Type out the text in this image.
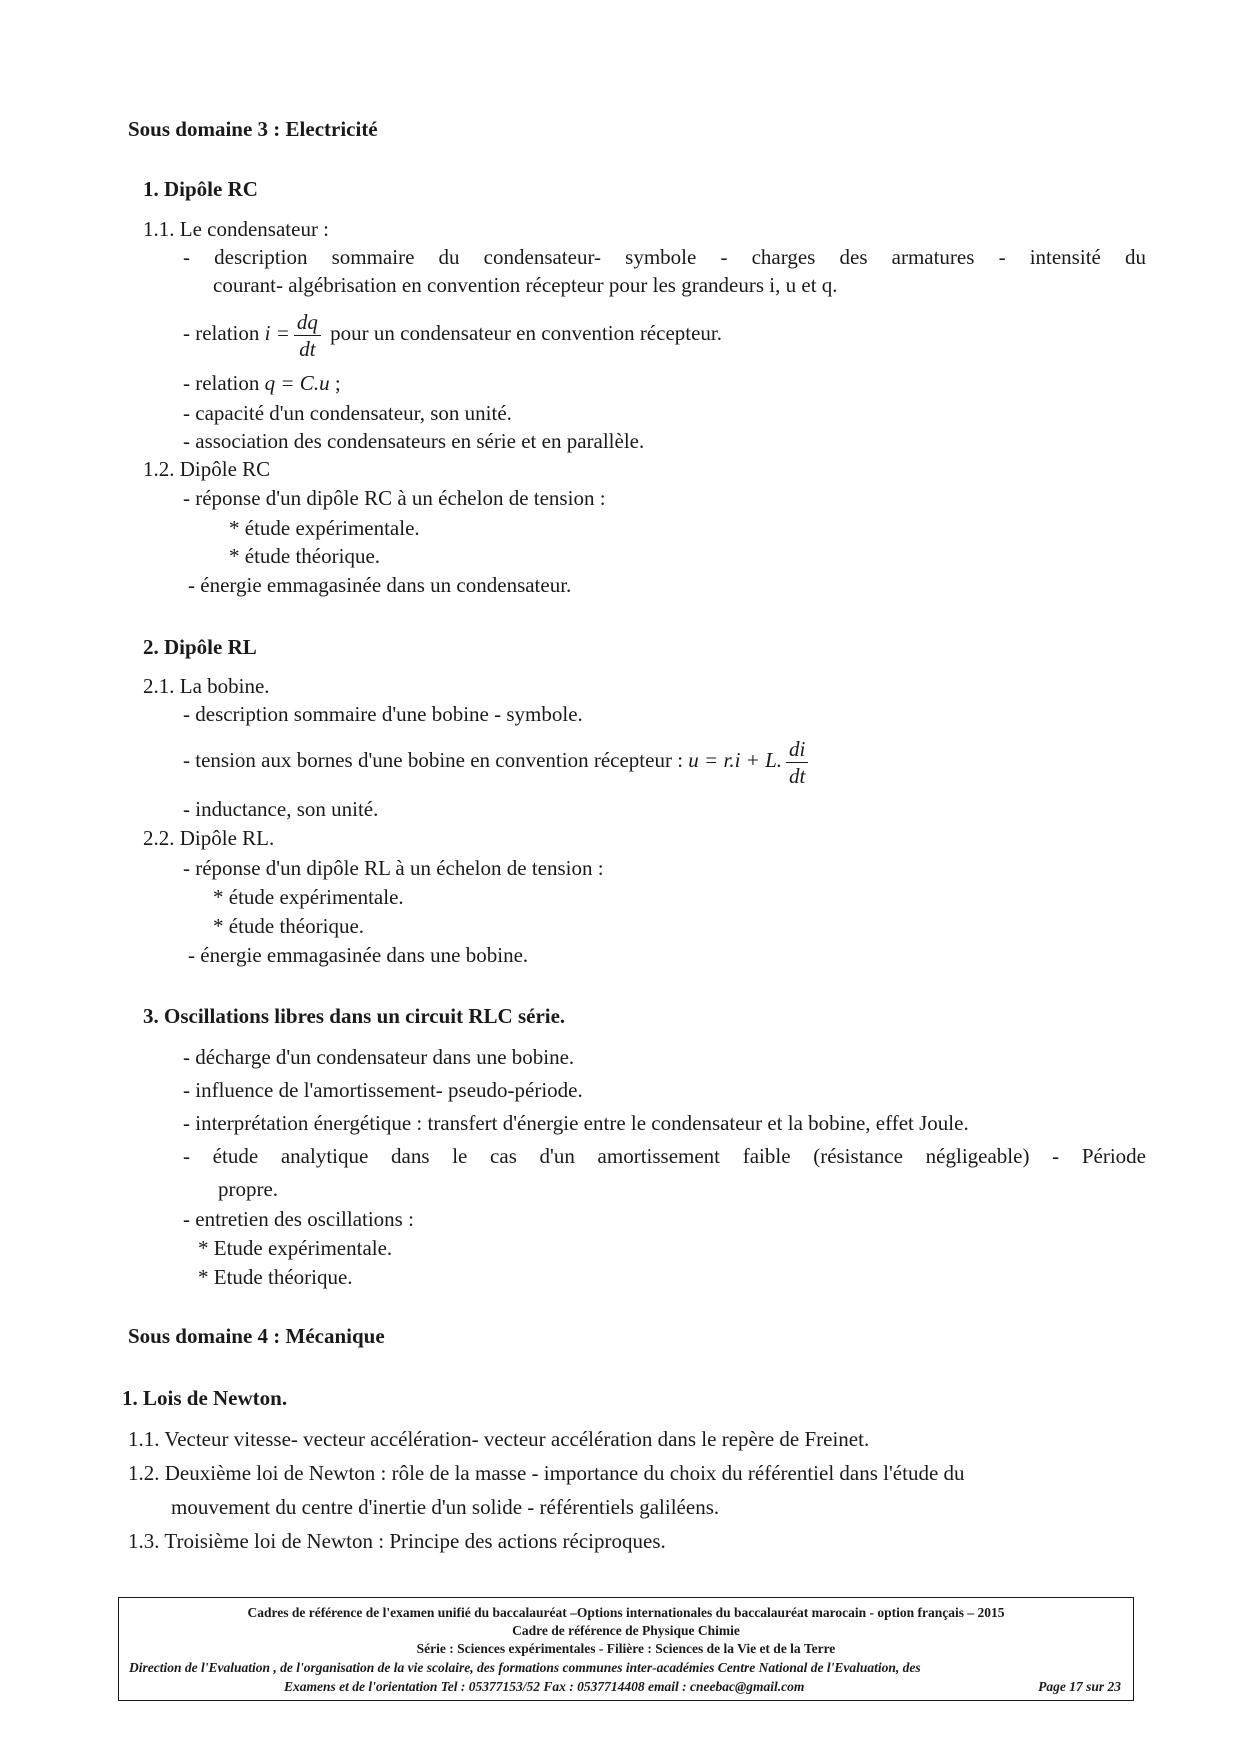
Sous domaine 3 : Electricité
1. Dipôle RC
1.1. Le condensateur :
- description sommaire du condensateur- symbole - charges des armatures - intensité du
courant- algébrisation en convention récepteur pour les grandeurs i, u et q.
- relation $i = \frac{dq}{dt}$ pour un condensateur en convention récepteur.
- relation q = C.u ;
- capacité d'un condensateur, son unité.
- association des condensateurs en série et en parallèle.
1.2. Dipôle RC
- réponse d'un dipôle RC à un échelon de tension :
* étude expérimentale.
* étude théorique.
- énergie emmagasinée dans un condensateur.
2. Dipôle RL
2.1. La bobine.
- description sommaire d'une bobine - symbole.
- tension aux bornes d'une bobine en convention récepteur : u = r.i + L. $\frac{di}{dt}$
- inductance, son unité.
2.2. Dipôle RL.
- réponse d'un dipôle RL à un échelon de tension :
* étude expérimentale.
* étude théorique.
- énergie emmagasinée dans une bobine.
3. Oscillations libres dans un circuit RLC série.
- décharge d'un condensateur dans une bobine.
- influence de l'amortissement- pseudo-période.
- interprétation énergétique : transfert d'énergie entre le condensateur et la bobine, effet Joule.
- étude analytique dans le cas d'un amortissement faible (résistance négligeable) - Période
propre.
- entretien des oscillations :
* Etude expérimentale.
* Etude théorique.
Sous domaine 4 : Mécanique
1. Lois de Newton.
1.1. Vecteur vitesse- vecteur accélération- vecteur accélération dans le repère de Freinet.
1.2. Deuxième loi de Newton : rôle de la masse - importance du choix du référentiel dans l'étude du
mouvement du centre d'inertie d'un solide - référentiels galiléens.
1.3. Troisième loi de Newton : Principe des actions réciproques.
Cadres de référence de l'examen unifié du baccalauréat –Options internationales du baccalauréat marocain - option français – 2015
Cadre de référence de Physique Chimie
Série : Sciences expérimentales - Filière : Sciences de la Vie et de la Terre
Direction de l'Evaluation , de l'organisation de la vie scolaire, des formations communes inter-académies Centre National de l'Evaluation, des
Examens et de l'orientation Tel : 05377153/52 Fax : 0537714408 email : cneebac@gmail.com	Page 17 sur 23
